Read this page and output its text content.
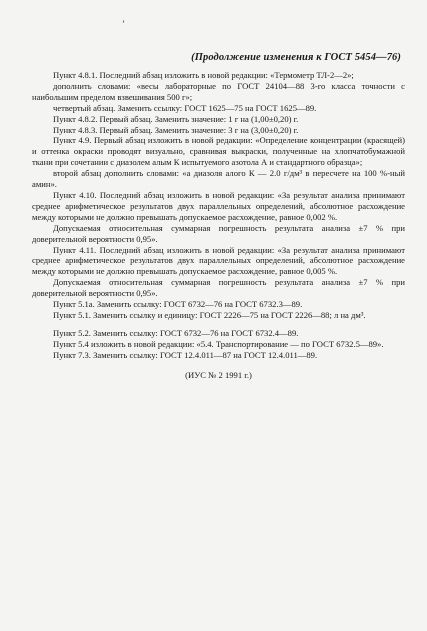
’
(Продолжение изменения к ГОСТ 5454—76)

Пункт 4.8.1. Последний абзац изложить в новой редакции: «Термометр ТЛ-2—2»;

дополнить словами: «весы лабораторные по ГОСТ 24104—88 3-го класса точности с наибольшим пределом взвешивания 500 г»;

четвертый абзац. Заменить ссылку: ГОСТ 1625—75 на ГОСТ 1625—89.

Пункт 4.8.2. Первый абзац. Заменить значение: 1 г на (1,00±0,20) г.

Пункт 4.8.3. Первый абзац. Заменить значение: 3 г на (3,00±0,20) г.

Пункт 4.9. Первый абзац изложить в новой редакции: «Определение концентрации (красящей) и оттенка окраски проводят визуально, сравнивая выкраски, полученные на хлопчатобумажной ткани при сочетании с диазолем алым К испытуемого азотола А и стандартного образца»;

второй абзац дополнить словами: «а диазоля алого К — 2.0 г/дм³ в пересчете на 100 %-ный амин».

Пункт 4.10. Последний абзац изложить в новой редакции: «За результат анализа принимают среднее арифметическое результатов двух параллельных определений, абсолютное расхождение между которыми не должно превышать допускаемое расхождение, равное 0,002 %.

Допускаемая относительная суммарная погрешность результата анализа ±7 % при доверительной вероятности 0,95».

Пункт 4.11. Последний абзац изложить в новой редакции: «За результат анализа принимают среднее арифметическое результатов двух параллельных определений, абсолютное расхождение между которыми не должно превышать допускаемое расхождение, равное 0,005 %.

Допускаемая относительная суммарная погрешность результата анализа ±7 % при доверительной вероятности 0,95».

Пункт 5.1а. Заменить ссылку: ГОСТ 6732—76 на ГОСТ 6732.3—89.

Пункт 5.1. Заменить ссылку и единицу: ГОСТ 2226—75 на ГОСТ 2226—88; л на дм³.

Пункт 5.2. Заменить ссылку: ГОСТ 6732—76 на ГОСТ 6732.4—89.

Пункт 5.4 изложить в новой редакции: «5.4. Транспортирование — по ГОСТ 6732.5—89».

Пункт 7.3. Заменить ссылку: ГОСТ 12.4.011—87 на ГОСТ 12.4.011—89.

(ИУС № 2 1991 г.)
